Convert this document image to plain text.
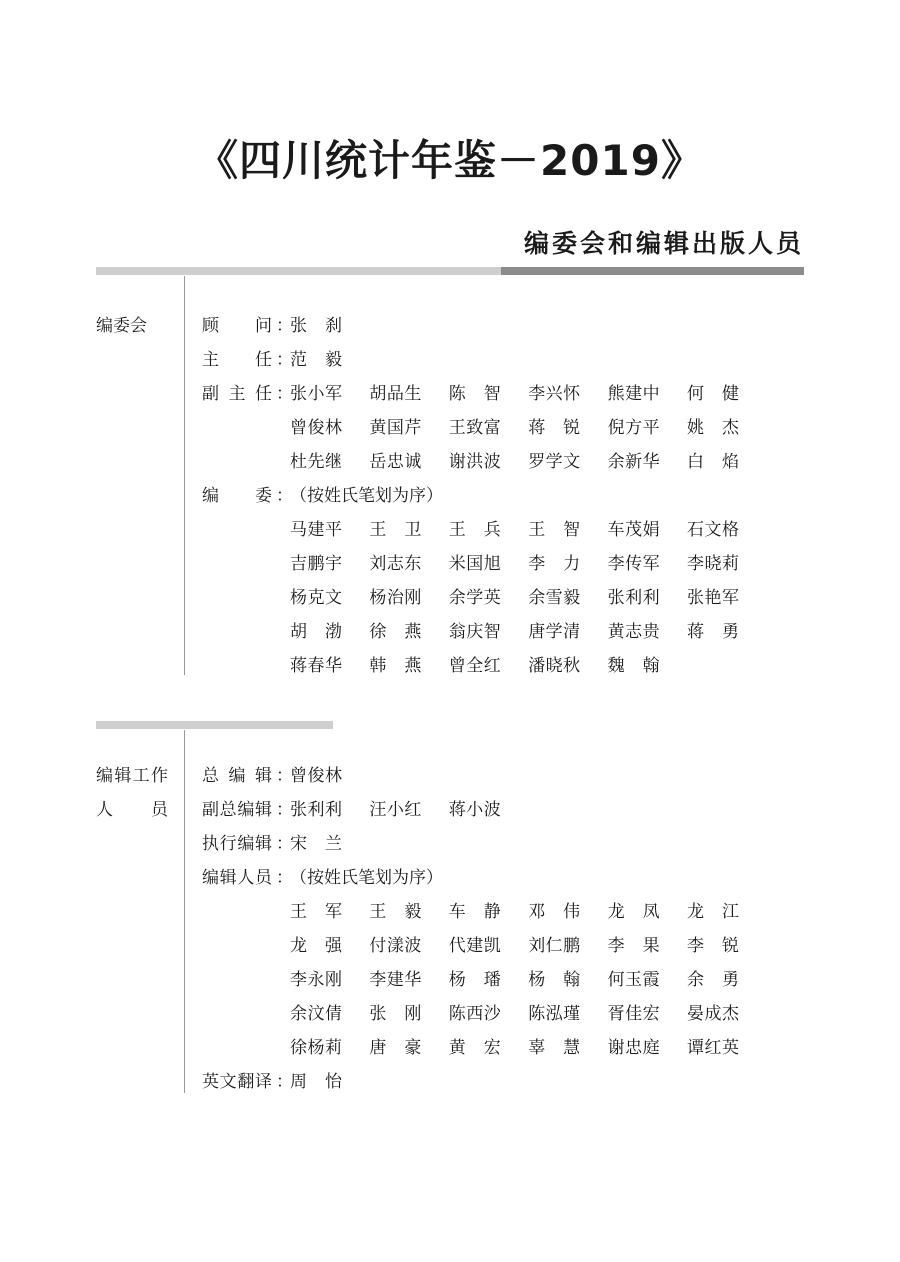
《四川统计年鉴－2019》
编委会和编辑出版人员
编委会	顾　问 ：
张　刹
主　任 ：
范　毅
副主任 ：
张小军 胡品生 陈　智 李兴怀 熊建中 何　健
曾俊林 黄国芹 王致富 蒋　锐 倪方平 姚　杰
杜先继 岳忠诚 谢洪波 罗学文 余新华 白　焰
编　委 ：
（按姓氏笔划为序）
马建平 王　卫 王　兵 王　智 车茂娟 石文格
吉鹏宇 刘志东 米国旭 李　力 李传军 李晓莉
杨克文 杨治刚 余学英 余雪毅 张利利 张艳军
胡　渤 徐　燕 翁庆智 唐学清 黄志贵 蒋　勇
蒋春华 韩　燕 曾全红 潘晓秋 魏　翰
编辑工作
人员
总编辑 ：
曾俊林
副总编辑 ：
张利利 汪小红 蒋小波
执行编辑 ：
宋　兰
编辑人员 ：
（按姓氏笔划为序）
王　军 王　毅 车　静 邓　伟 龙　凤 龙　江
龙　强 付漾波 代建凯 刘仁鹏 李　果 李　锐
李永刚 李建华 杨　璠 杨　翰 何玉霞 余　勇
余汶倩 张　刚 陈西沙 陈泓瑾 胥佳宏 晏成杰
徐杨莉 唐　豪 黄　宏 辜　慧 谢忠庭 谭红英
英文翻译 ：
周　怡
